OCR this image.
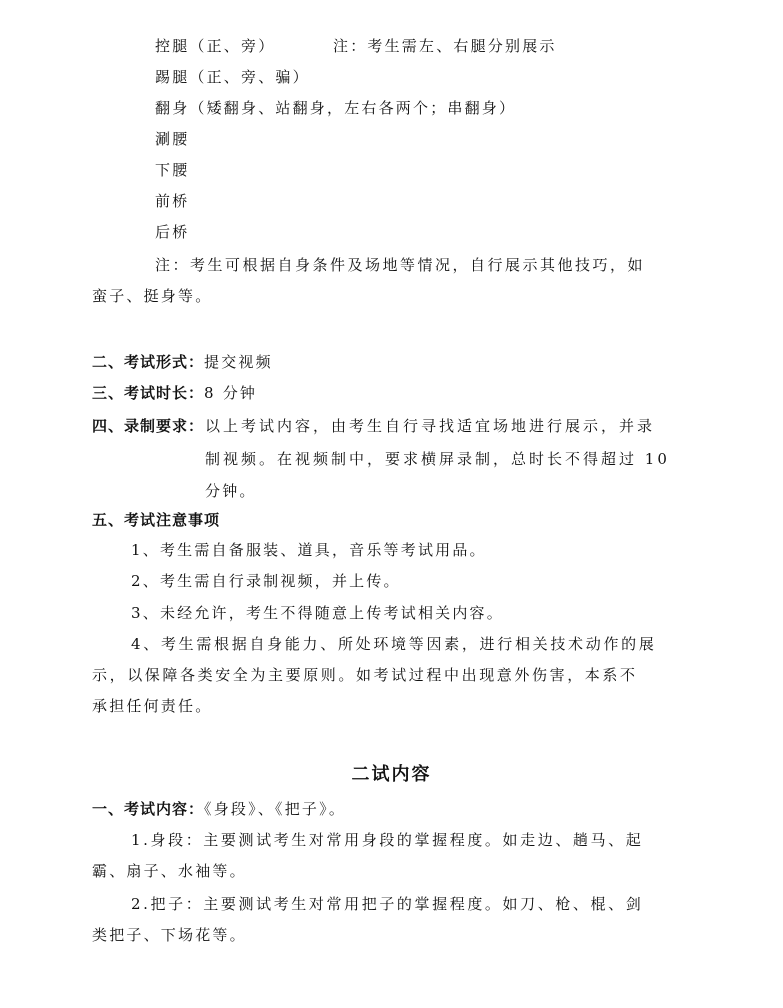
控腿（正、旁）	注：考生需左、右腿分别展示
踢腿（正、旁、骗）
翻身（矮翻身、站翻身，左右各两个；串翻身）
涮腰
下腰
前桥
后桥
注：考生可根据自身条件及场地等情况，自行展示其他技巧，如
蛮子、挺身等。
二、考试形式：提交视频
三、考试时长：8 分钟
四、录制要求： 以上考试内容，由考生自行寻找适宜场地进行展示，并录
制视频。在视频制中，要求横屏录制，总时长不得超过 10
分钟。
五、考试注意事项
1、考生需自备服装、道具，音乐等考试用品。
2、考生需自行录制视频，并上传。
3、未经允许，考生不得随意上传考试相关内容。
4、考生需根据自身能力、所处环境等因素，进行相关技术动作的展
示，以保障各类安全为主要原则。如考试过程中出现意外伤害，本系不
承担任何责任。
二试内容
一、考试内容：《身段》、《把子》。
1.身段：主要测试考生对常用身段的掌握程度。如走边、趟马、起
霸、扇子、水袖等。
2.把子：主要测试考生对常用把子的掌握程度。如刀、枪、棍、剑
类把子、下场花等。
